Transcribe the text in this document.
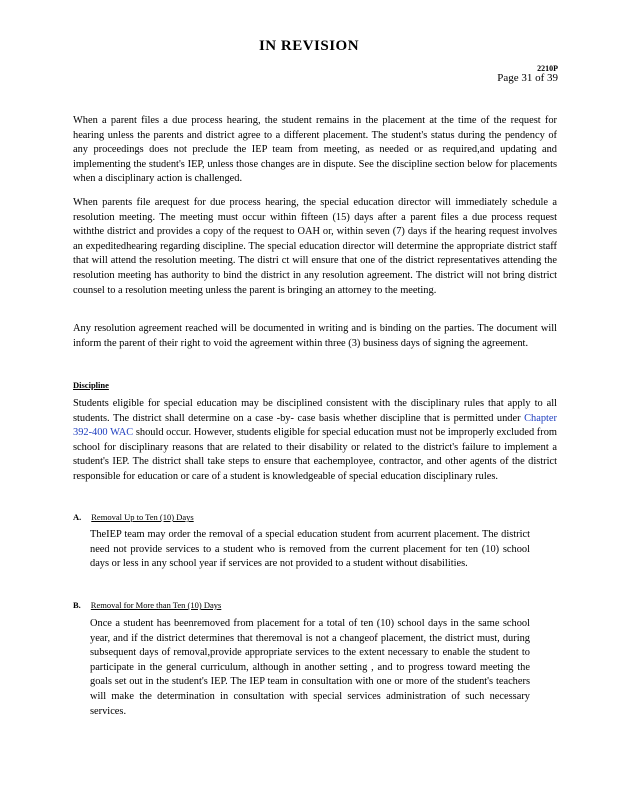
IN REVISION
2210P
Page 31 of 39

When a parent files a due process hearing, the student remains in the placement at the time of the request for hearing unless the parents and district agree to a different placement. The student's status during the pendency of any proceedings does not preclude the IEP team from meeting, as needed or as required,and updating and implementing the student's IEP, unless those changes are in dispute. See the discipline section below for placements when a disciplinary action is challenged.

When parents file arequest for due process hearing, the special education director will immediately schedule a resolution meeting. The meeting must occur within fifteen (15) days after a parent files a due process request withthe district and provides a copy of the request to OAH or, within seven (7) days if the hearing request involves an expeditedhearing regarding discipline. The special education director will determine the appropriate district staff that will attend the resolution meeting. The distri ct will ensure that one of the district representatives attending the resolution meeting has authority to bind the district in any resolution agreement. The district will not bring district counsel to a resolution meeting unless the parent is bringing an attorney to the meeting.

Any resolution agreement reached will be documented in writing and is binding on the parties. The document will inform the parent of their right to void the agreement within three (3) business days of signing the agreement.

Discipline

Students eligible for special education may be disciplined consistent with the disciplinary rules that apply to all students. The district shall determine on a case -by- case basis whether discipline that is permitted under Chapter 392-400 WAC should occur. However, students eligible for special education must not be improperly excluded from school for disciplinary reasons that are related to their disability or related to the district's failure to implement a student's IEP. The district shall take steps to ensure that eachemployee, contractor, and other agents of the district responsible for education or care of a student is knowledgeable of special education disciplinary rules.

A. Removal Up to Ten (10) Days

TheIEP team may order the removal of a special education student from acurrent placement. The district need not provide services to a student who is removed from the current placement for ten (10) school days or less in any school year if services are not provided to a student without disabilities.

B. Removal for More than Ten (10) Days

Once a student has beenremoved from placement for a total of ten (10) school days in the same school year, and if the district determines that theremoval is not a changeof placement, the district must, during subsequent days of removal,provide appropriate services to the extent necessary to enable the student to participate in the general curriculum, although in another setting , and to progress toward meeting the goals set out in the student's IEP. The IEP team in consultation with one or more of the student's teachers will make the determination in consultation with special services administration of such necessary services.
